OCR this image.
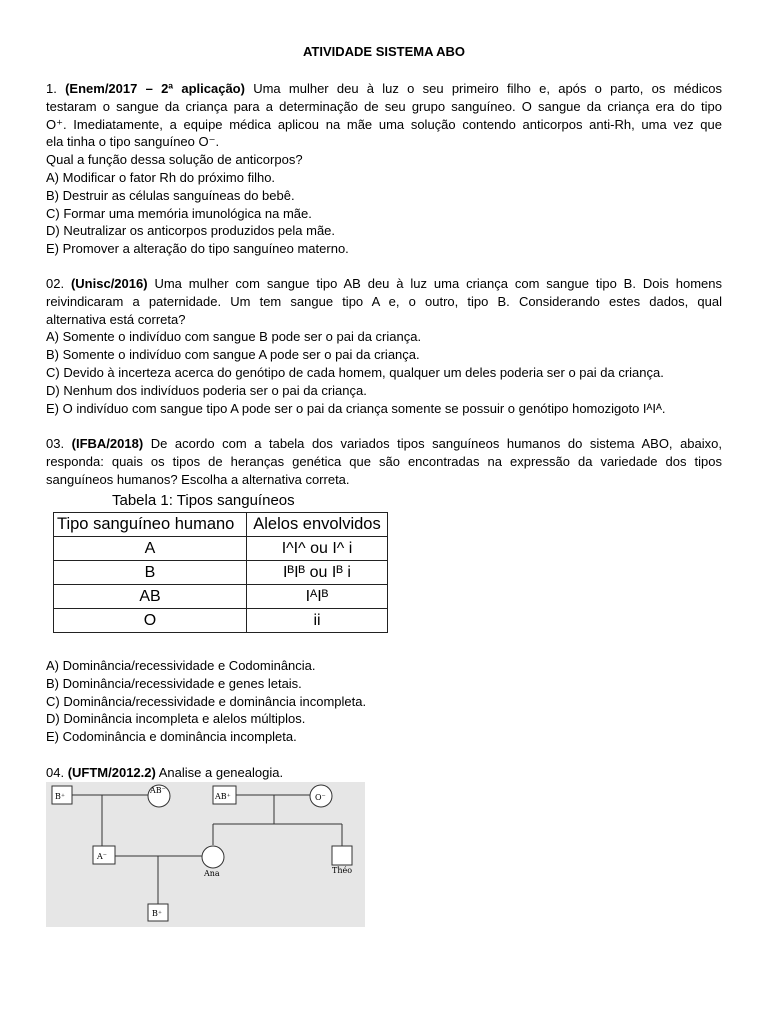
ATIVIDADE SISTEMA ABO
1. (Enem/2017 – 2ª aplicação) Uma mulher deu à luz o seu primeiro filho e, após o parto, os médicos
testaram o sangue da criança para a determinação de seu grupo sanguíneo. O sangue da criança era do tipo
O⁺. Imediatamente, a equipe médica aplicou na mãe uma solução contendo anticorpos anti-Rh, uma vez que
ela tinha o tipo sanguíneo O⁻.
Qual a função dessa solução de anticorpos?
A) Modificar o fator Rh do próximo filho.
B) Destruir as células sanguíneas do bebê.
C) Formar uma memória imunológica na mãe.
D) Neutralizar os anticorpos produzidos pela mãe.
E) Promover a alteração do tipo sanguíneo materno.
02. (Unisc/2016) Uma mulher com sangue tipo AB deu à luz uma criança com sangue tipo B. Dois homens
reivindicaram a paternidade. Um tem sangue tipo A e, o outro, tipo B. Considerando estes dados, qual
alternativa está correta?
A) Somente o indivíduo com sangue B pode ser o pai da criança.
B) Somente o indivíduo com sangue A pode ser o pai da criança.
C) Devido à incerteza acerca do genótipo de cada homem, qualquer um deles poderia ser o pai da criança.
D) Nenhum dos indivíduos poderia ser o pai da criança.
E) O indivíduo com sangue tipo A pode ser o pai da criança somente se possuir o genótipo homozigoto IᴬIᴬ.
03. (IFBA/2018) De acordo com a tabela dos variados tipos sanguíneos humanos do sistema ABO, abaixo,
responda: quais os tipos de heranças genética que são encontradas na expressão da variedade dos tipos
sanguíneos humanos? Escolha a alternativa correta.
Tabela 1: Tipos sanguíneos
Tipo sanguíneo humano	Alelos envolvidos
A	I^I^ ou I^ i
B	IᴮIᴮ ou Iᴮ i
AB	IᴬIᴮ
O	ii
A) Dominância/recessividade e Codominância.
B) Dominância/recessividade e genes letais.
C) Dominância/recessividade e dominância incompleta.
D) Dominância incompleta e alelos múltiplos.
E) Codominância e dominância incompleta.
04. (UFTM/2012.2) Analise a genealogia.
B⁺
AB⁻
AB⁺	O⁻
A⁻
Ana	Théo
B⁺
